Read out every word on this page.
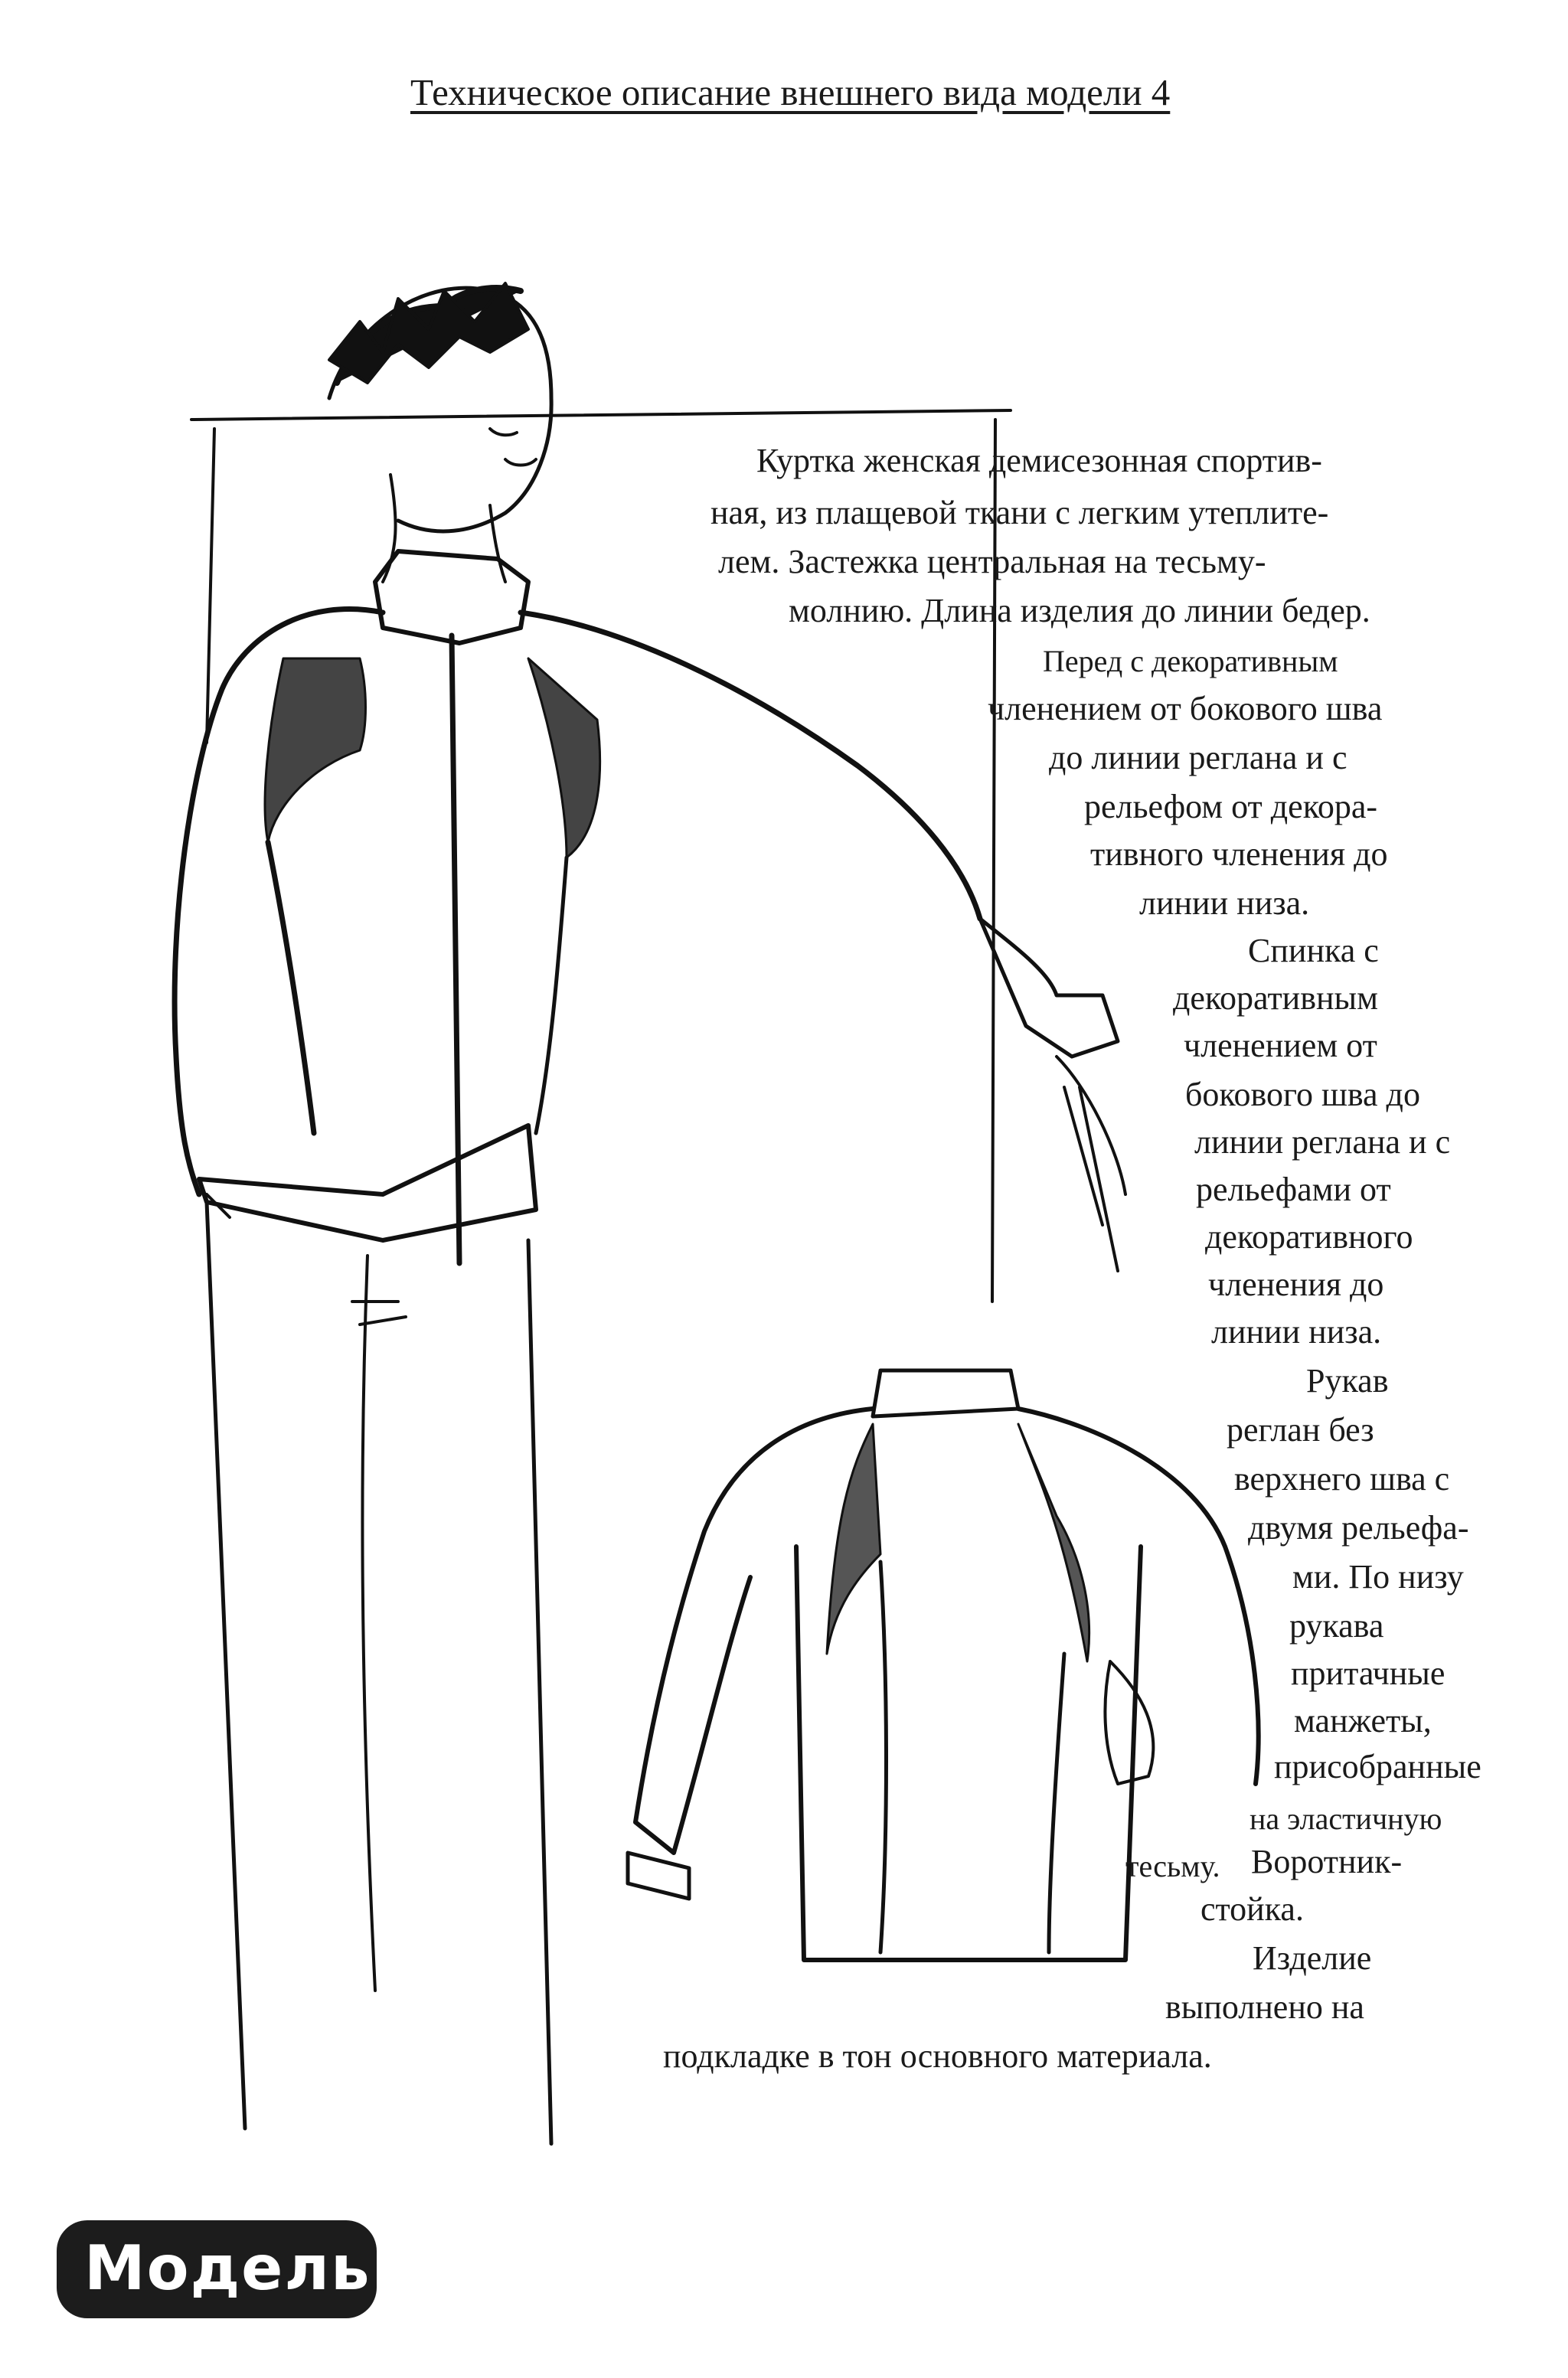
Техническое описание внешнего вида модели 4
Куртка женская демисезонная спортив-
ная, из плащевой ткани с легким утеплите-
лем. Застежка центральная на тесьму-
молнию. Длина изделия до линии бедер.
Перед с декоративным
членением от бокового шва
до линии реглана и с
рельефом от декора-
тивного членения до
линии низа.
Спинка с
декоративным
членением от
бокового шва до
линии реглана и с
рельефами от
декоративного
членения до
линии низа.
Рукав
реглан без
верхнего шва с
двумя рельефа-
ми. По низу
рукава
притачные
манжеты,
присобранные
на эластичную
тесьму. Воротник-
стойка.
Изделие
выполнено на
подкладке в тон основного материала.
Модель 4
